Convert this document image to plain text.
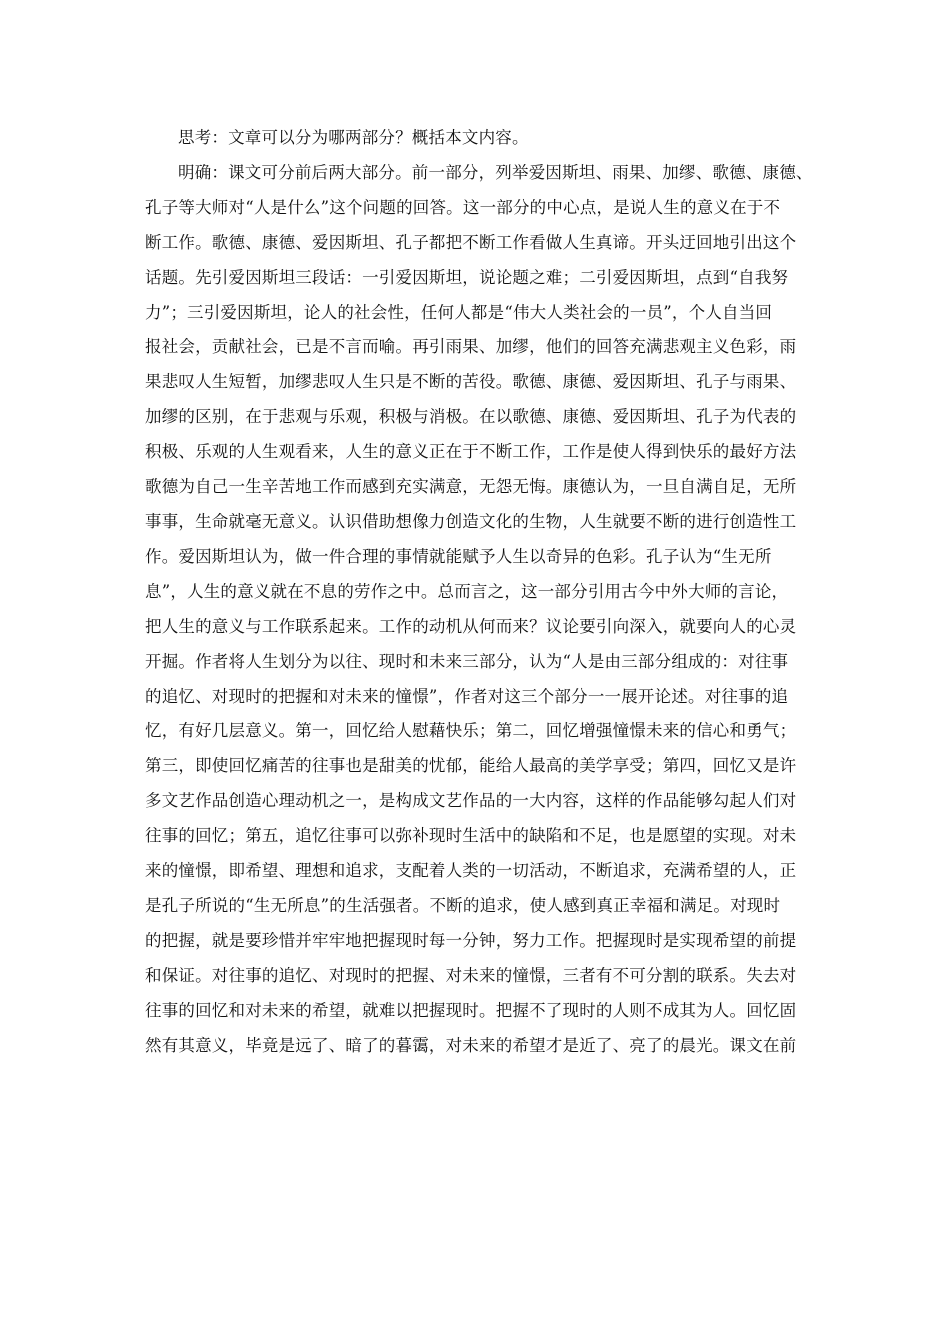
思考：文章可以分为哪两部分？概括本文内容。

明确：课文可分前后两大部分。前一部分，列举爱因斯坦、雨果、加缪、歌德、康德、
孔子等大师对“人是什么”这个问题的回答。这一部分的中心点，是说人生的意义在于不
断工作。歌德、康德、爱因斯坦、孔子都把不断工作看做人生真谛。开头迂回地引出这个
话题。先引爱因斯坦三段话：一引爱因斯坦，说论题之难；二引爱因斯坦，点到“自我努
力”；三引爱因斯坦，论人的社会性，任何人都是“伟大人类社会的一员”，个人自当回
报社会，贡献社会，已是不言而喻。再引雨果、加缪，他们的回答充满悲观主义色彩，雨
果悲叹人生短暂，加缪悲叹人生只是不断的苦役。歌德、康德、爱因斯坦、孔子与雨果、
加缪的区别，在于悲观与乐观，积极与消极。在以歌德、康德、爱因斯坦、孔子为代表的
积极、乐观的人生观看来，人生的意义正在于不断工作，工作是使人得到快乐的最好方法
歌德为自己一生辛苦地工作而感到充实满意，无怨无悔。康德认为，一旦自满自足，无所
事事，生命就毫无意义。认识借助想像力创造文化的生物，人生就要不断的进行创造性工
作。爱因斯坦认为，做一件合理的事情就能赋予人生以奇异的色彩。孔子认为“生无所
息”，人生的意义就在不息的劳作之中。总而言之，这一部分引用古今中外大师的言论，
把人生的意义与工作联系起来。工作的动机从何而来？议论要引向深入，就要向人的心灵
开掘。作者将人生划分为以往、现时和未来三部分，认为“人是由三部分组成的：对往事
的追忆、对现时的把握和对未来的憧憬”，作者对这三个部分一一展开论述。对往事的追
忆，有好几层意义。第一，回忆给人慰藉快乐；第二，回忆增强憧憬未来的信心和勇气；
第三，即使回忆痛苦的往事也是甜美的忧郁，能给人最高的美学享受；第四，回忆又是许
多文艺作品创造心理动机之一，是构成文艺作品的一大内容，这样的作品能够勾起人们对
往事的回忆；第五，追忆往事可以弥补现时生活中的缺陷和不足，也是愿望的实现。对未
来的憧憬，即希望、理想和追求，支配着人类的一切活动，不断追求，充满希望的人，正
是孔子所说的“生无所息”的生活强者。不断的追求，使人感到真正幸福和满足。对现时
的把握，就是要珍惜并牢牢地把握现时每一分钟，努力工作。把握现时是实现希望的前提
和保证。对往事的追忆、对现时的把握、对未来的憧憬，三者有不可分割的联系。失去对
往事的回忆和对未来的希望，就难以把握现时。把握不了现时的人则不成其为人。回忆固
然有其意义，毕竟是远了、暗了的暮霭，对未来的希望才是近了、亮了的晨光。课文在前
